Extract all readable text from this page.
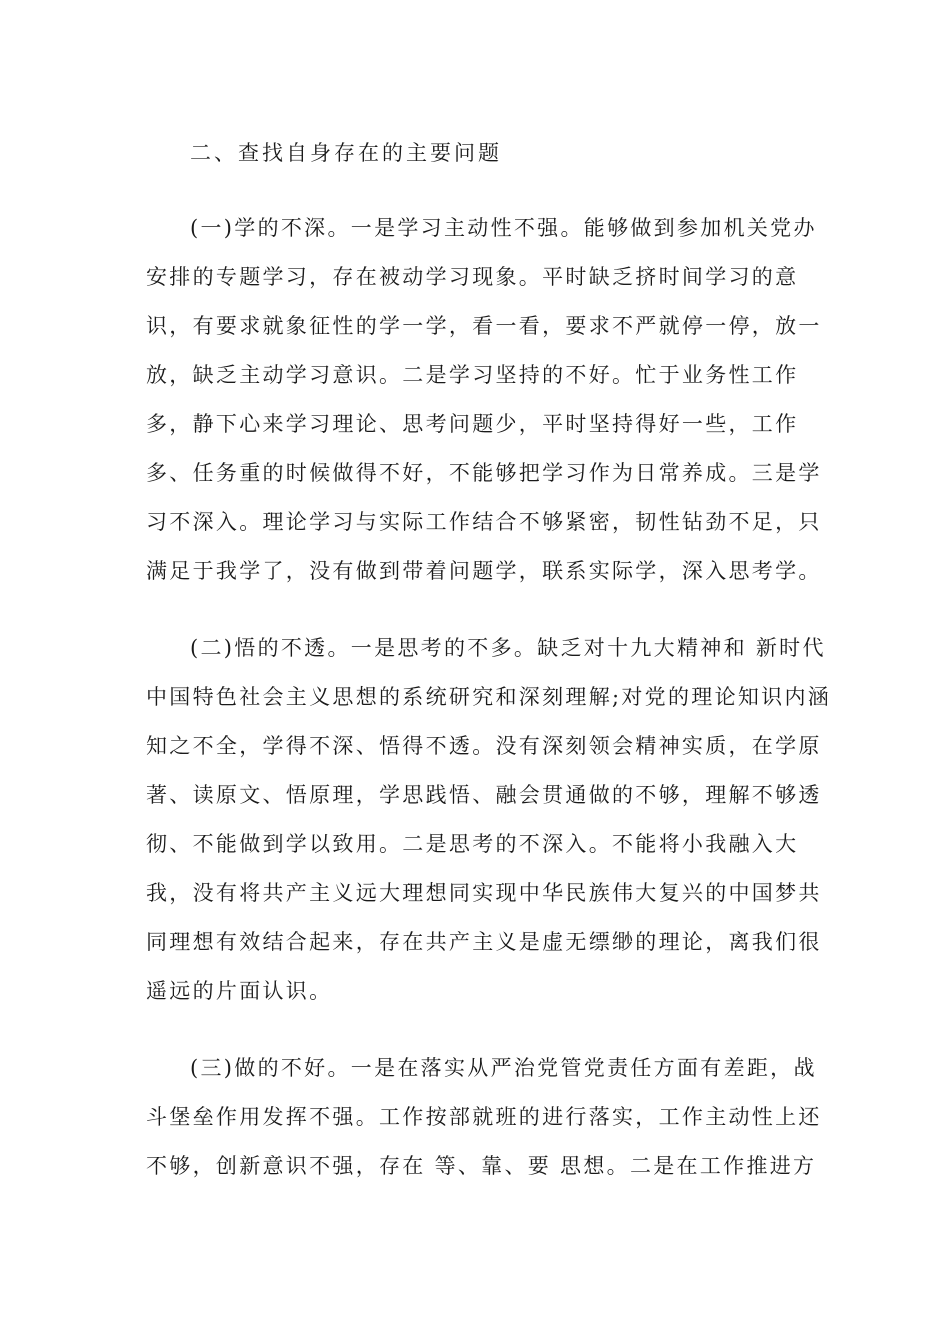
二、查找自身存在的主要问题
(一)学的不深。一是学习主动性不强。能够做到参加机关党办
安排的专题学习，存在被动学习现象。平时缺乏挤时间学习的意
识，有要求就象征性的学一学，看一看，要求不严就停一停，放一
放，缺乏主动学习意识。二是学习坚持的不好。忙于业务性工作
多，静下心来学习理论、思考问题少，平时坚持得好一些，工作
多、任务重的时候做得不好，不能够把学习作为日常养成。三是学
习不深入。理论学习与实际工作结合不够紧密，韧性钻劲不足，只
满足于我学了，没有做到带着问题学，联系实际学，深入思考学。
(二)悟的不透。一是思考的不多。缺乏对十九大精神和 新时代
中国特色社会主义思想的系统研究和深刻理解;对党的理论知识内涵
知之不全，学得不深、悟得不透。没有深刻领会精神实质，在学原
著、读原文、悟原理，学思践悟、融会贯通做的不够，理解不够透
彻、不能做到学以致用。二是思考的不深入。不能将小我融入大
我，没有将共产主义远大理想同实现中华民族伟大复兴的中国梦共
同理想有效结合起来，存在共产主义是虚无缥缈的理论，离我们很
遥远的片面认识。
(三)做的不好。一是在落实从严治党管党责任方面有差距，战
斗堡垒作用发挥不强。工作按部就班的进行落实，工作主动性上还
不够，创新意识不强，存在 等、靠、要 思想。二是在工作推进方
